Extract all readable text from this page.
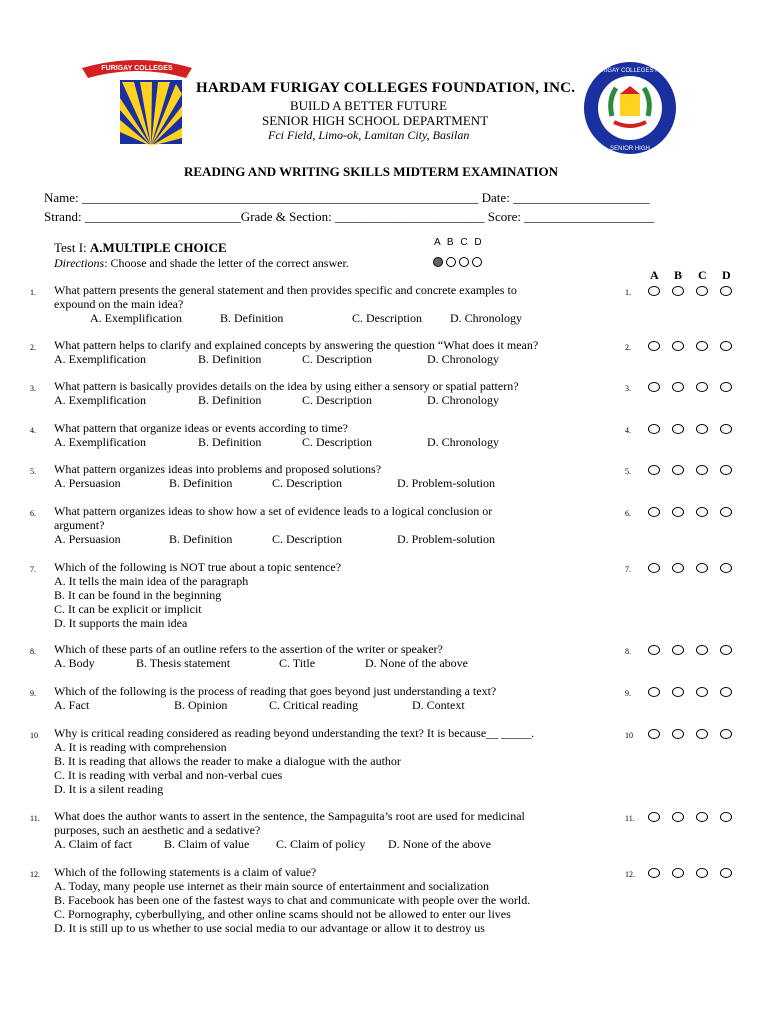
FURIGAY COLLEGES	HARDAM FURIGAY COLLEGES FOUNDATION
SENIOR HIGH
HARDAM FURIGAY COLLEGES FOUNDATION, INC.
BUILD A BETTER FUTURE
SENIOR HIGH SCHOOL DEPARTMENT
Fci Field, Limo-ok, Lamitan City, Basilan
READING AND WRITING SKILLS MIDTERM EXAMINATION
Name: _____________________________________________________________ Date: _____________________
Strand: ________________________Grade & Section: _______________________ Score: ____________________
Test I: A.MULTIPLE CHOICE
Directions: Choose and shade the letter of the correct answer.
A B C D
A B C D
1. What pattern presents the general statement and then provides specific and concrete examples to
expound on the main idea?
A. Exemplification	B. Definition	C. Description D. Chronology
1.
2. What pattern helps to clarify and explained concepts by answering the question “What does it mean?
A. Exemplification	B. Definition	C. Description	D. Chronology
2.
3. What pattern is basically provides details on the idea by using either a sensory or spatial pattern?
A. Exemplification	B. Definition	C. Description	D. Chronology
3.
4. What pattern that organize ideas or events according to time?
A. Exemplification	B. Definition	C. Description	D. Chronology
4.
5. What pattern organizes ideas into problems and proposed solutions?
A. Persuasion	B. Definition	C. Description	D. Problem-solution
5.
6. What pattern organizes ideas to show how a set of evidence leads to a logical conclusion or
argument?
A. Persuasion	B. Definition	C. Description	D. Problem-solution
6.
7. Which of the following is NOT true about a topic sentence?
A. It tells the main idea of the paragraph
B. It can be found in the beginning
C. It can be explicit or implicit
D. It supports the main idea
7.
8. Which of these parts of an outline refers to the assertion of the writer or speaker?
A. Body	B. Thesis statement	C. Title	D. None of the above
8.
9. Which of the following is the process of reading that goes beyond just understanding a text?
A. Fact	B. Opinion	C. Critical reading	D. Context
9.
10 Why is critical reading considered as reading beyond understanding the text? It is because__ _____.
A. It is reading with comprehension
B. It is reading that allows the reader to make a dialogue with the author
C. It is reading with verbal and non-verbal cues
D. It is a silent reading
10
11. What does the author wants to assert in the sentence, the Sampaguita’s root are used for medicinal
purposes, such an aesthetic and a sedative?
A. Claim of fact	B. Claim of value C. Claim of policy D. None of the above
11.
12. Which of the following statements is a claim of value?
A. Today, many people use internet as their main source of entertainment and socialization
B. Facebook has been one of the fastest ways to chat and communicate with people over the world.
C. Pornography, cyberbullying, and other online scams should not be allowed to enter our lives
D. It is still up to us whether to use social media to our advantage or allow it to destroy us
12.
